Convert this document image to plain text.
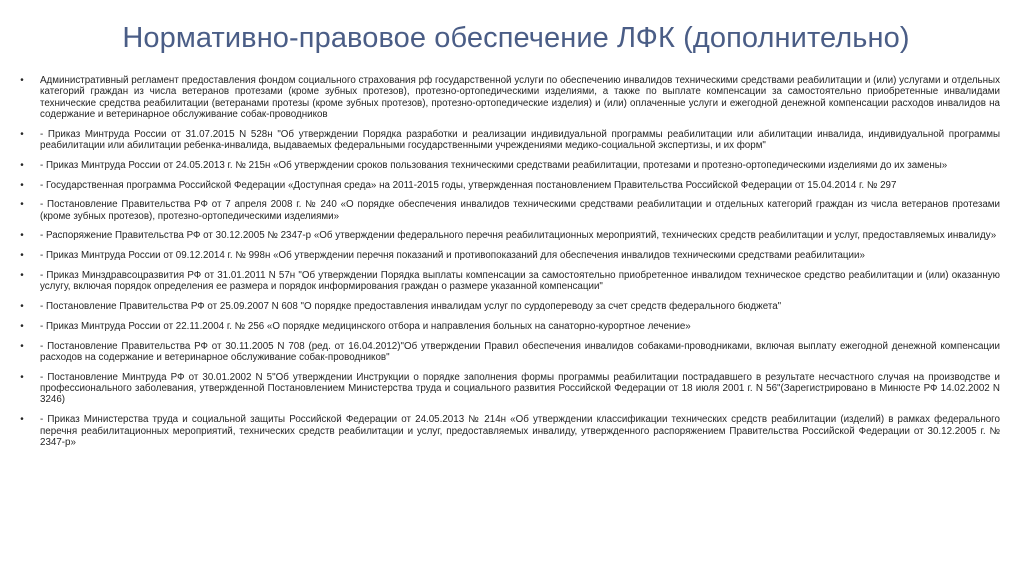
Нормативно-правовое обеспечение ЛФК (дополнительно)
• Административный регламент предоставления фондом социального страхования рф государственной услуги по обеспечению инвалидов техническими средствами реабилитации и (или) услугами и отдельных категорий граждан из числа ветеранов протезами (кроме зубных протезов), протезно-ортопедическими изделиями, а также по выплате компенсации за самостоятельно приобретенные инвалидами технические средства реабилитации (ветеранами протезы (кроме зубных протезов), протезно-ортопедические изделия) и (или) оплаченные услуги и ежегодной денежной компенсации расходов инвалидов на содержание и ветеринарное обслуживание собак-проводников
• - Приказ Минтруда России от 31.07.2015 N 528н "Об утверждении Порядка разработки и реализации индивидуальной программы реабилитации или абилитации инвалида, индивидуальной программы реабилитации или абилитации ребенка-инвалида, выдаваемых федеральными государственными учреждениями медико-социальной экспертизы, и их форм"
• - Приказ Минтруда России от 24.05.2013 г. № 215н «Об утверждении сроков пользования техническими средствами реабилитации, протезами и протезно-ортопедическими изделиями до их замены»
• - Государственная программа Российской Федерации «Доступная среда» на 2011-2015 годы, утвержденная постановлением Правительства Российской Федерации от 15.04.2014 г. № 297
• - Постановление Правительства РФ от 7 апреля 2008 г. № 240 «О порядке обеспечения инвалидов техническими средствами реабилитации и отдельных категорий граждан из числа ветеранов протезами (кроме зубных протезов), протезно-ортопедическими изделиями»
• - Распоряжение Правительства РФ от 30.12.2005 № 2347-р «Об утверждении федерального перечня реабилитационных мероприятий, технических средств реабилитации и услуг, предоставляемых инвалиду»
• - Приказ Минтруда России от 09.12.2014 г. № 998н «Об утверждении перечня показаний и противопоказаний для обеспечения инвалидов техническими средствами реабилитации»
• - Приказ Минздравсоцразвития РФ от 31.01.2011 N 57н "Об утверждении Порядка выплаты компенсации за самостоятельно приобретенное инвалидом техническое средство реабилитации и (или) оказанную услугу, включая порядок определения ее размера и порядок информирования граждан о размере указанной компенсации"
• - Постановление Правительства РФ от 25.09.2007 N 608 "О порядке предоставления инвалидам услуг по сурдопереводу за счет средств федерального бюджета"
• - Приказ Минтруда России от 22.11.2004 г. № 256 «О порядке медицинского отбора и направления больных на санаторно-курортное лечение»
• - Постановление Правительства РФ от 30.11.2005 N 708 (ред. от 16.04.2012)"Об утверждении Правил обеспечения инвалидов собаками-проводниками, включая выплату ежегодной денежной компенсации расходов на содержание и ветеринарное обслуживание собак-проводников"
• - Постановление Минтруда РФ от 30.01.2002 N 5"Об утверждении Инструкции о порядке заполнения формы программы реабилитации пострадавшего в результате несчастного случая на производстве и профессионального заболевания, утвержденной Постановлением Министерства труда и социального развития Российской Федерации от 18 июля 2001 г. N 56"(Зарегистрировано в Минюсте РФ 14.02.2002 N 3246)
• - Приказ Министерства труда и социальной защиты Российской Федерации от 24.05.2013 № 214н «Об утверждении классификации технических средств реабилитации (изделий) в рамках федерального перечня реабилитационных мероприятий, технических средств реабилитации и услуг, предоставляемых инвалиду, утвержденного распоряжением Правительства Российской Федерации от 30.12.2005 г. № 2347-р»
